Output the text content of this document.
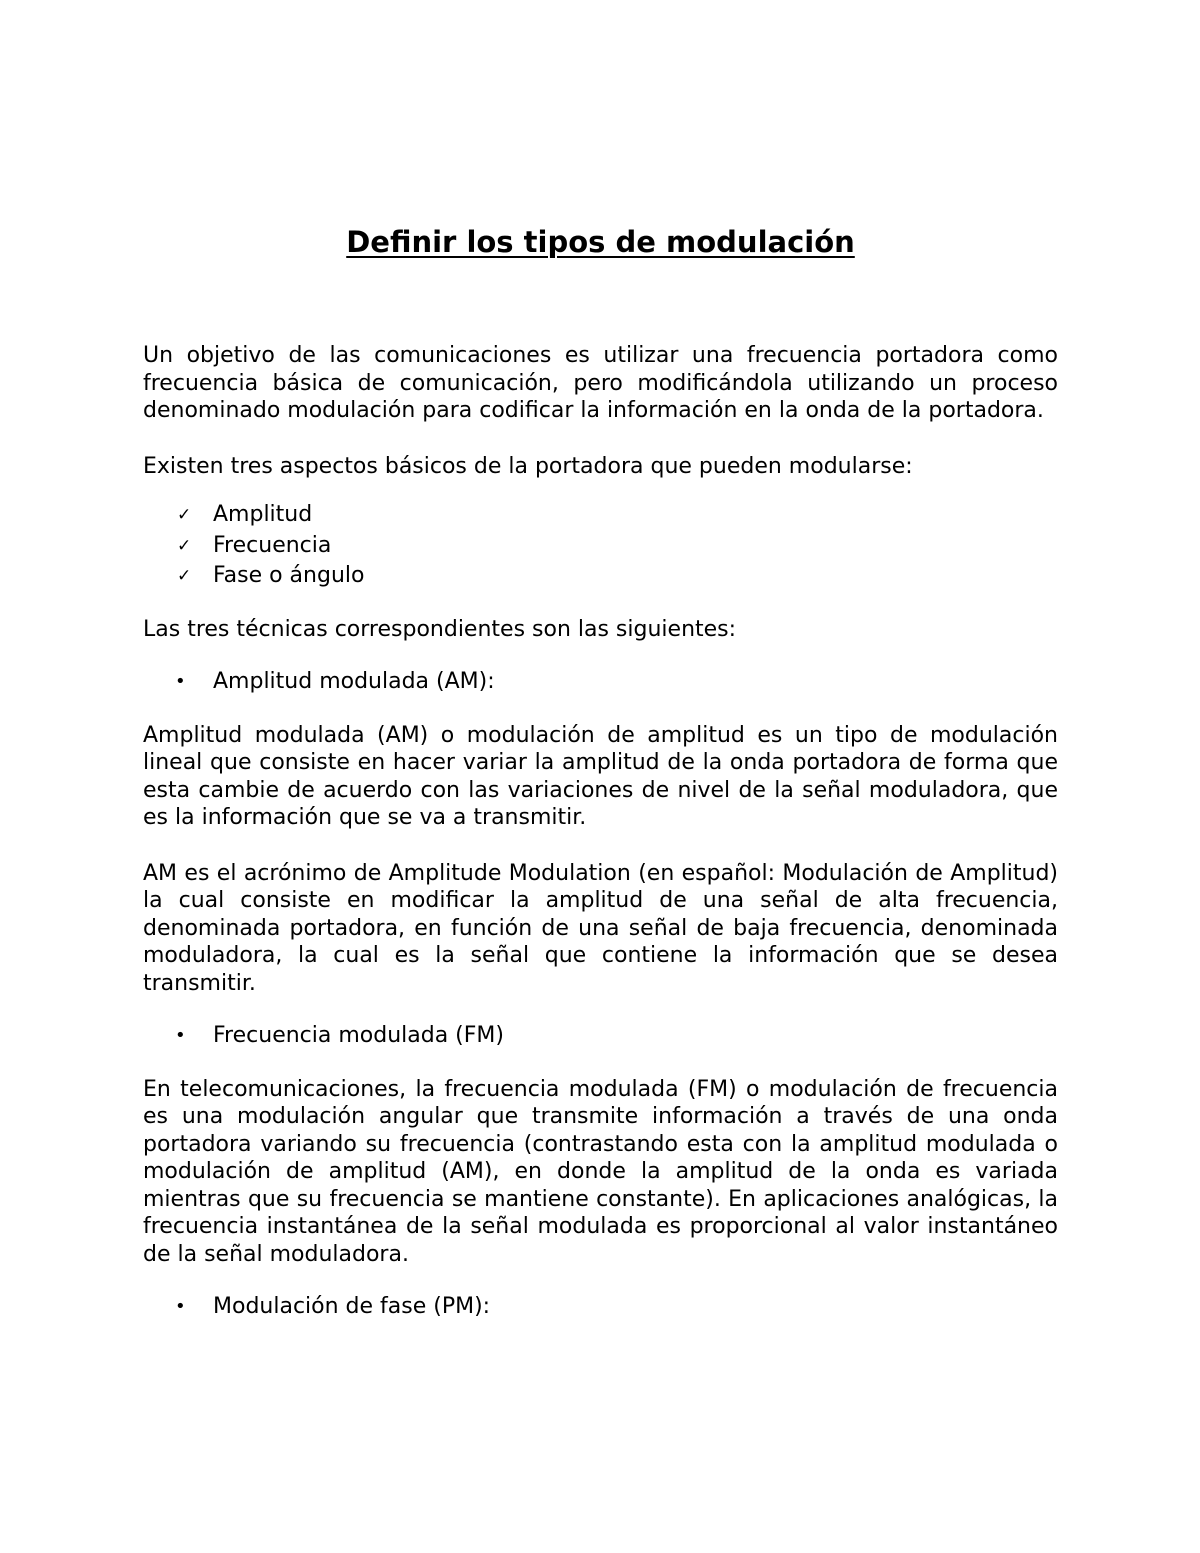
Definir los tipos de modulación

Un objetivo de las comunicaciones es utilizar una frecuencia portadora como frecuencia básica de comunicación, pero modificándola utilizando un proceso denominado modulación para codificar la información en la onda de la portadora.

Existen tres aspectos básicos de la portadora que pueden modularse:

✓ Amplitud
✓ Frecuencia
✓ Fase o ángulo

Las tres técnicas correspondientes son las siguientes:

• Amplitud modulada (AM):

Amplitud modulada (AM) o modulación de amplitud es un tipo de modulación lineal que consiste en hacer variar la amplitud de la onda portadora de forma que esta cambie de acuerdo con las variaciones de nivel de la señal moduladora, que es la información que se va a transmitir.

AM es el acrónimo de Amplitude Modulation (en español: Modulación de Amplitud) la cual consiste en modificar la amplitud de una señal de alta frecuencia, denominada portadora, en función de una señal de baja frecuencia, denominada moduladora, la cual es la señal que contiene la información que se desea transmitir.

• Frecuencia modulada (FM)

En telecomunicaciones, la frecuencia modulada (FM) o modulación de frecuencia es una modulación angular que transmite información a través de una onda portadora variando su frecuencia (contrastando esta con la amplitud modulada o modulación de amplitud (AM), en donde la amplitud de la onda es variada mientras que su frecuencia se mantiene constante). En aplicaciones analógicas, la frecuencia instantánea de la señal modulada es proporcional al valor instantáneo de la señal moduladora.

• Modulación de fase (PM):
